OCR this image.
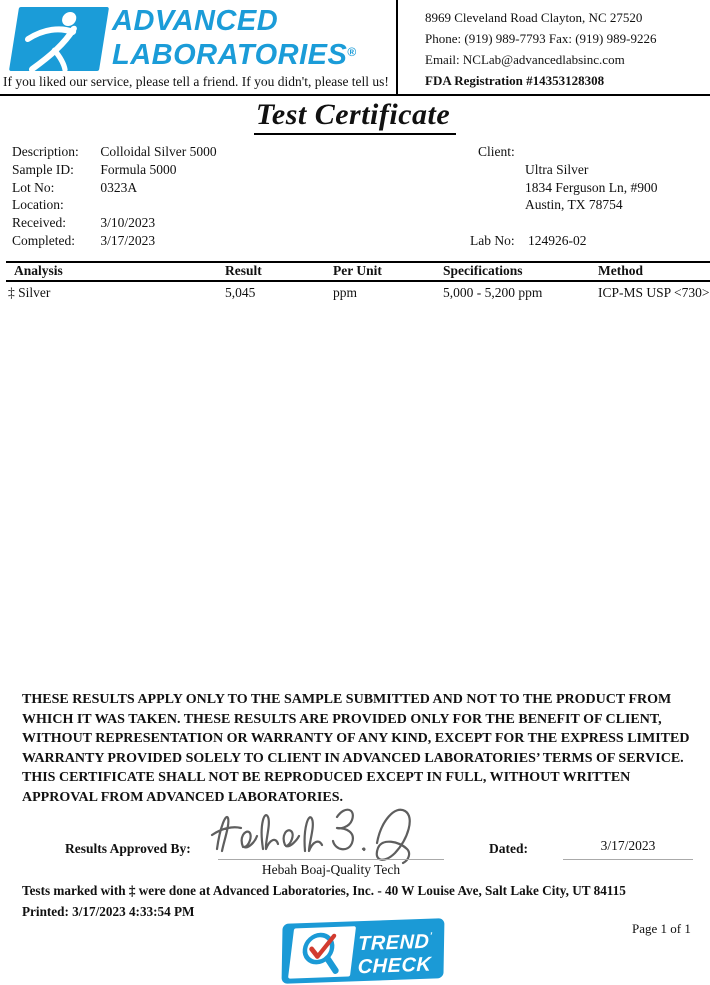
ADVANCED
LABORATORIES®
8969 Cleveland Road Clayton, NC 27520
Phone: (919) 989-7793 Fax: (919) 989-9226
Email: NCLab@advancedlabsinc.com
FDA Registration #14353128308
If you liked our service, please tell a friend. If you didn't, please tell us!
Test Certificate
Description: Colloidal Silver 5000
Sample ID: Formula 5000
Lot No:	0323A
Location:
Received:	3/10/2023
Completed: 3/17/2023
Client:
Ultra Silver
1834 Ferguson Ln, #900
Austin, TX 78754
Lab No: 124926-02
Analysis	Result	Per Unit	Specifications	Method
‡ Silver	5,045	ppm	5,000 - 5,200 ppm	ICP-MS USP <730>
THESE RESULTS APPLY ONLY TO THE SAMPLE SUBMITTED AND NOT TO THE PRODUCT FROM WHICH IT WAS TAKEN. THESE RESULTS ARE PROVIDED ONLY FOR THE BENEFIT OF CLIENT, WITHOUT REPRESENTATION OR WARRANTY OF ANY KIND, EXCEPT FOR THE EXPRESS LIMITED WARRANTY PROVIDED SOLELY TO CLIENT IN ADVANCED LABORATORIES’ TERMS OF SERVICE.
THIS CERTIFICATE SHALL NOT BE REPRODUCED EXCEPT IN FULL, WITHOUT WRITTEN APPROVAL FROM ADVANCED LABORATORIES.
Results Approved By:
Hebah Boaj-Quality Tech
Dated:	3/17/2023
Tests marked with ‡ were done at Advanced Laboratories, Inc. - 40 W Louise Ave, Salt Lake City, UT 84115
Printed: 3/17/2023 4:33:54 PM
Page 1 of 1
TREND’
CHECK
